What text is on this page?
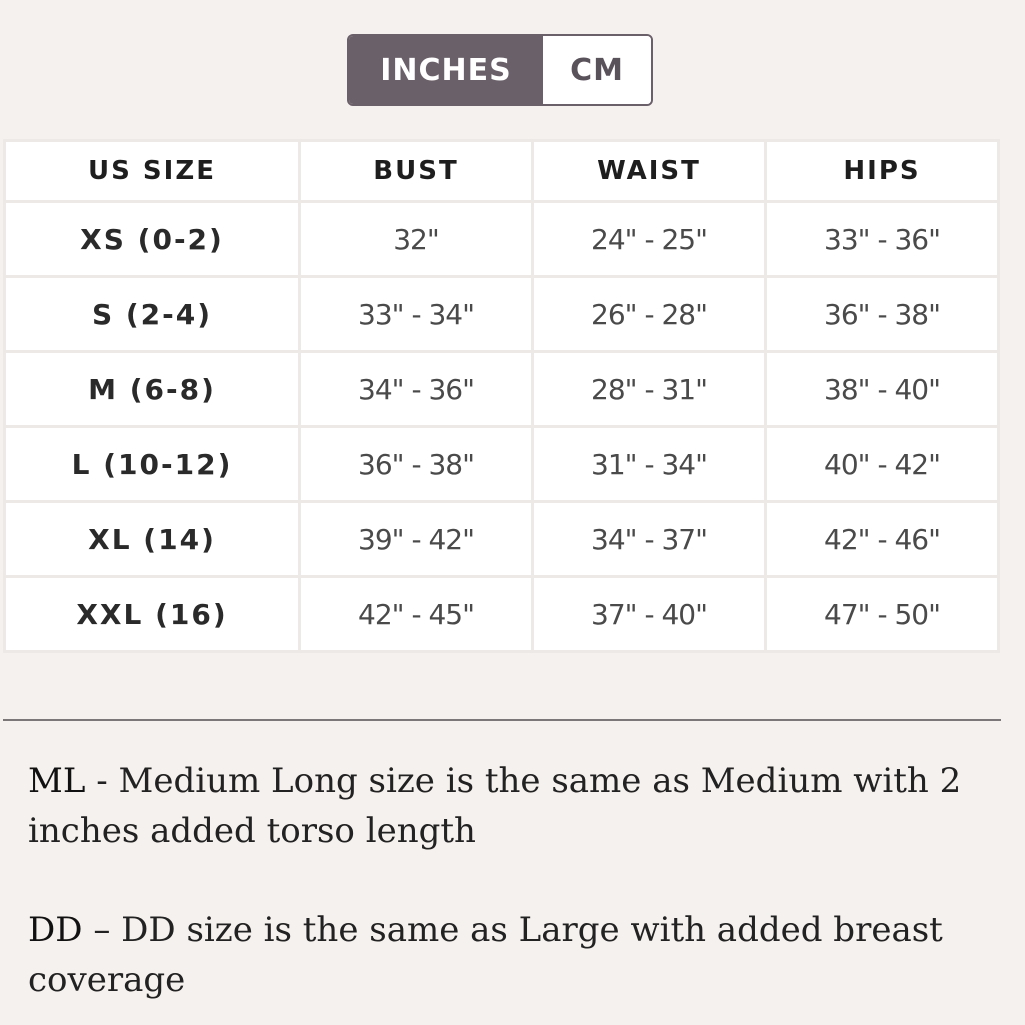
INCHES	CM
US SIZE	BUST	WAIST	HIPS
XS (0-2)	32"	24" - 25"	33" - 36"
S (2-4)	33" - 34"	26" - 28"	36" - 38"
M (6-8)	34" - 36"	28" - 31"	38" - 40"
L (10-12)	36" - 38"	31" - 34"	40" - 42"
XL (14)	39" - 42"	34" - 37"	42" - 46"
XXL (16)	42" - 45"	37" - 40"	47" - 50"
ML - Medium Long size is the same as Medium with 2 inches added torso length
DD – DD size is the same as Large with added breast coverage
